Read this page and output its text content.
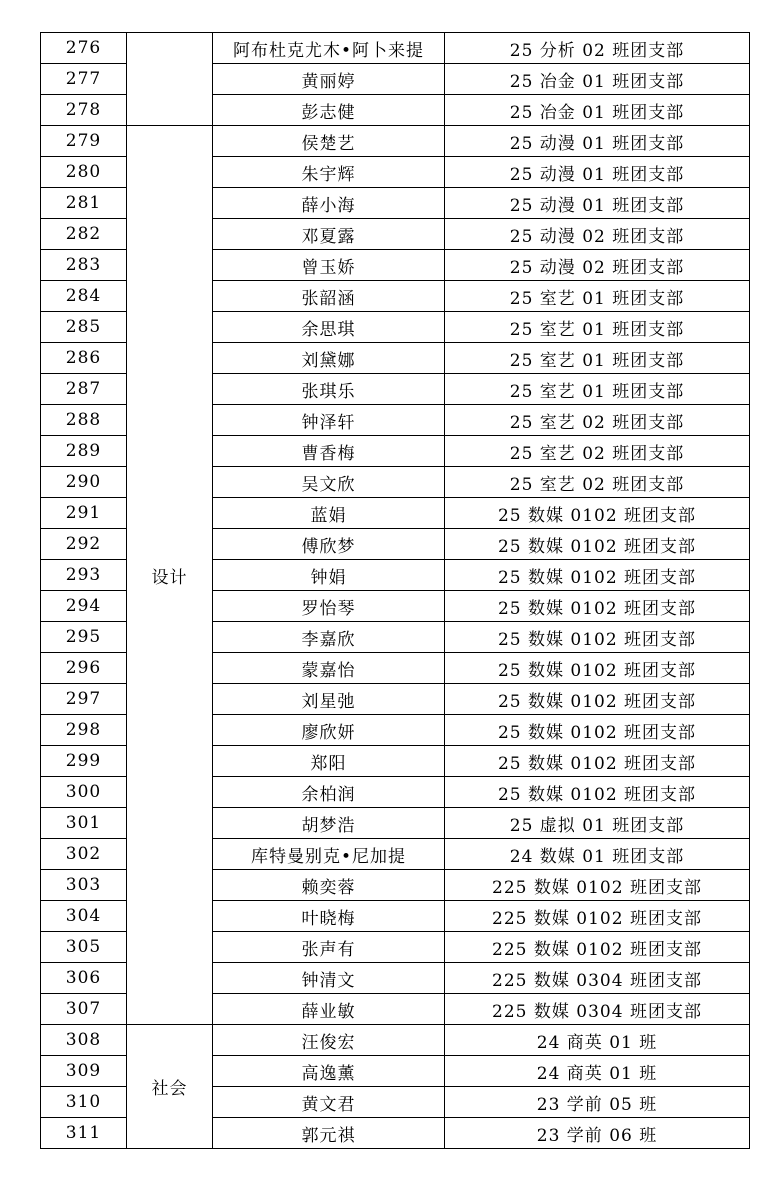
276		阿布杜克尤木•阿卜来提	25 分析 02 班团支部
277		黄丽婷	25 冶金 01 班团支部
278		彭志健	25 冶金 01 班团支部
279	设计	侯楚艺	25 动漫 01 班团支部
280		朱宇辉	25 动漫 01 班团支部
281		薛小海	25 动漫 01 班团支部
282		邓夏露	25 动漫 02 班团支部
283		曾玉娇	25 动漫 02 班团支部
284		张韶涵	25 室艺 01 班团支部
285		余思琪	25 室艺 01 班团支部
286		刘黛娜	25 室艺 01 班团支部
287		张琪乐	25 室艺 01 班团支部
288		钟泽轩	25 室艺 02 班团支部
289		曹香梅	25 室艺 02 班团支部
290		吴文欣	25 室艺 02 班团支部
291		蓝娟	25 数媒 0102 班团支部
292		傅欣梦	25 数媒 0102 班团支部
293		钟娟	25 数媒 0102 班团支部
294		罗怡琴	25 数媒 0102 班团支部
295		李嘉欣	25 数媒 0102 班团支部
296		蒙嘉怡	25 数媒 0102 班团支部
297		刘星弛	25 数媒 0102 班团支部
298		廖欣妍	25 数媒 0102 班团支部
299		郑阳	25 数媒 0102 班团支部
300		余柏润	25 数媒 0102 班团支部
301		胡梦浩	25 虚拟 01 班团支部
302		库特曼别克•尼加提	24 数媒 01 班团支部
303		赖奕蓉	225 数媒 0102 班团支部
304		叶晓梅	225 数媒 0102 班团支部
305		张声有	225 数媒 0102 班团支部
306		钟清文	225 数媒 0304 班团支部
307		薛业敏	225 数媒 0304 班团支部
308	社会	汪俊宏	24 商英 01 班
309		高逸薰	24 商英 01 班
310		黄文君	23 学前 05 班
311		郭元祺	23 学前 06 班
